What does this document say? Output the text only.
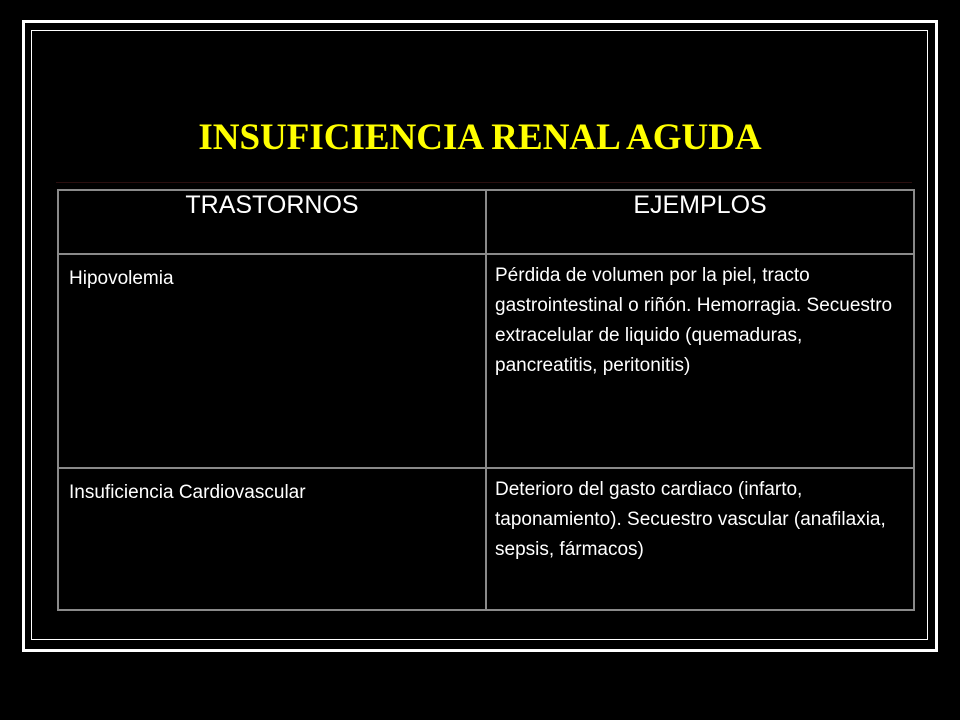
INSUFICIENCIA RENAL AGUDA
TRASTORNOS	EJEMPLOS
Hipovolemia	Pérdida de volumen por la piel, tracto gastrointestinal o riñón. Hemorragia. Secuestro extracelular de liquido (quemaduras, pancreatitis, peritonitis)
Insuficiencia Cardiovascular	Deterioro del gasto cardiaco (infarto, taponamiento). Secuestro vascular (anafilaxia, sepsis, fármacos)
